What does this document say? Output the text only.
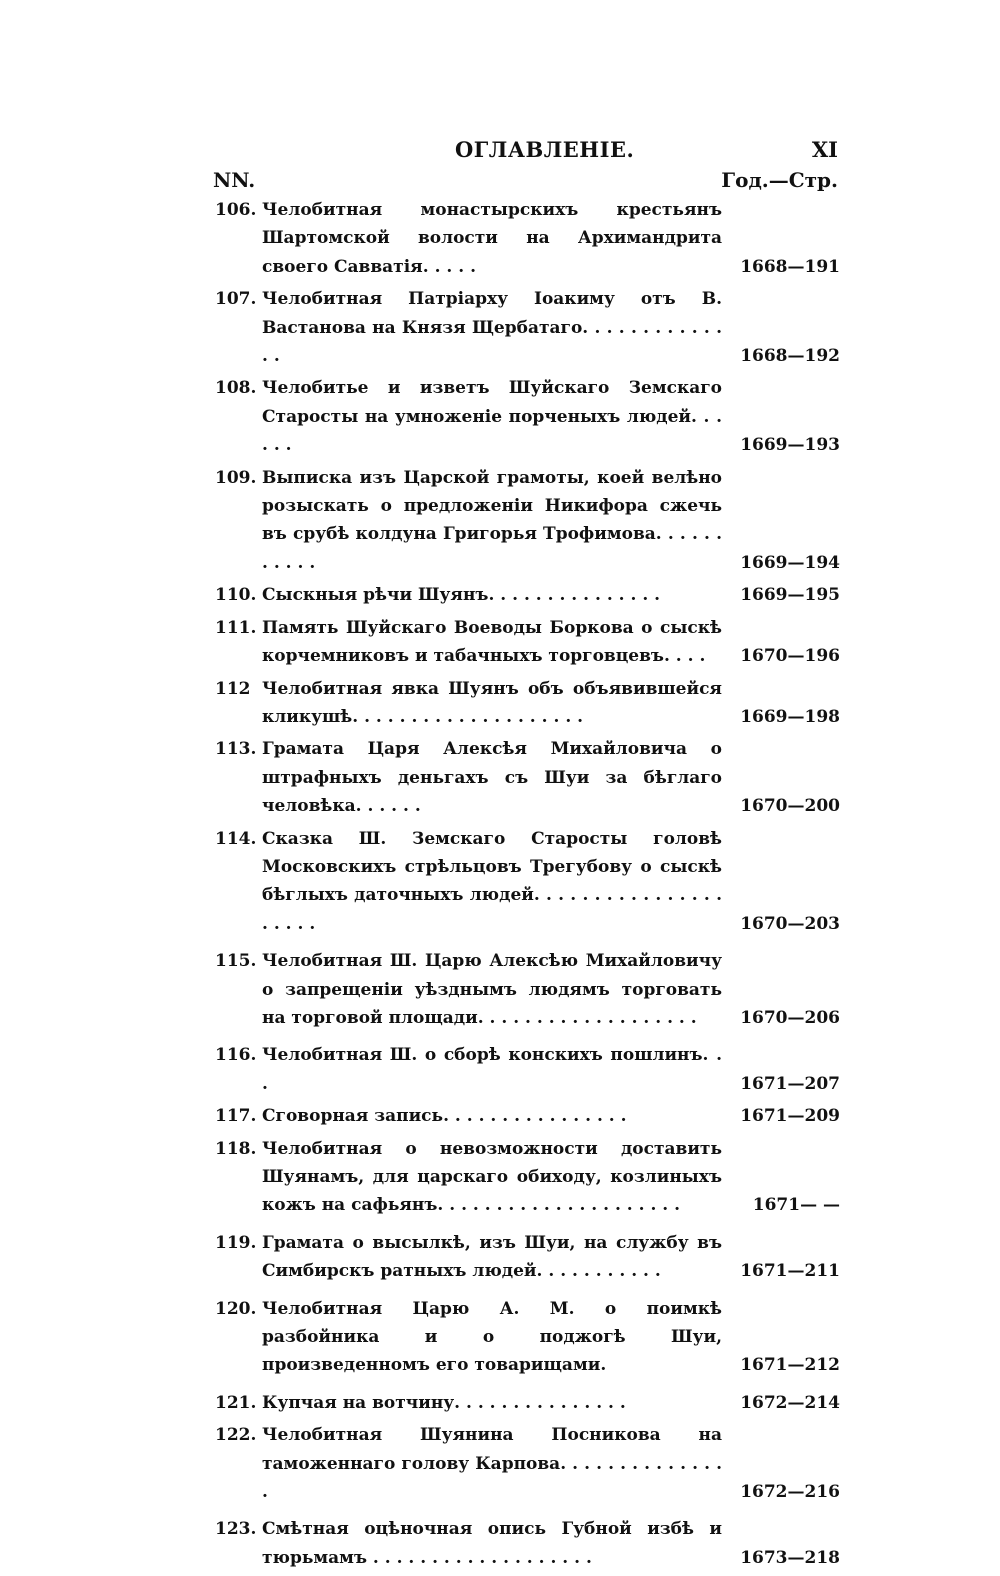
ОГЛАВЛЕНІЕ.	XI
NN.	Год.—Стр.
106. Челобитная монастырскихъ крестьянъ Шартомской волости на Архимандрита своего Савватія. . . . .	1668—191
107. Челобитная Патріарху Іоакиму отъ В. Вастанова на Князя Щербатаго. . . . . . . . . . . . . .	1668—192
108. Челобитье и изветъ Шуйскаго Земскаго Старосты на умноженіе порченыхъ людей. . . . . .	1669—193
109. Выписка изъ Царской грамоты, коей велѣно розыскать о предложеніи Никифора сжечь въ срубѣ колдуна Григорья Трофимова. . . . . . . . . . .	1669—194
110. Сыскныя рѣчи Шуянъ. . . . . . . . . . . . . . .	1669—195
111. Память Шуйскаго Воеводы Боркова о сыскѣ корчемниковъ и табачныхъ торговцевъ. . . .	1670—196
112 Челобитная явка Шуянъ объ объявившейся кликушѣ. . . . . . . . . . . . . . . . . . . .	1669—198
113. Грамата Царя Алексѣя Михайловича о штрафныхъ деньгахъ съ Шуи за бѣглаго человѣка. . . . . .	1670—200
114. Сказка Ш. Земскаго Старосты головѣ Московскихъ стрѣльцовъ Трегубову о сыскѣ бѣглыхъ даточныхъ людей. . . . . . . . . . . . . . . . . . . . .	1670—203
115. Челобитная Ш. Царю Алексѣю Михайловичу о запрещеніи уѣзднымъ людямъ торговать на торговой площади. . . . . . . . . . . . . . . . . . .	1670—206
116. Челобитная Ш. о сборѣ конскихъ пошлинъ. . .	1671—207
117. Сговорная запись. . . . . . . . . . . . . . . .	1671—209
118. Челобитная о невозможности доставить Шуянамъ, для царскаго обиходу, козлиныхъ кожъ на сафьянъ. . . . . . . . . . . . . . . . . . . . .	1671— —
119. Грамата о высылкѣ, изъ Шуи, на службу въ Симбирскъ ратныхъ людей. . . . . . . . . . .	1671—211
120. Челобитная Царю А. М. о поимкѣ разбойника и о поджогѣ Шуи, произведенномъ его товарищами.	1671—212
121. Купчая на вотчину. . . . . . . . . . . . . . .	1672—214
122. Челобитная Шуянина Посникова на таможеннаго голову Карпова. . . . . . . . . . . . . . .	1672—216
123. Смѣтная оцѣночная опись Губной избѣ и тюрьмамъ . . . . . . . . . . . . . . . . . . .	1673—218
